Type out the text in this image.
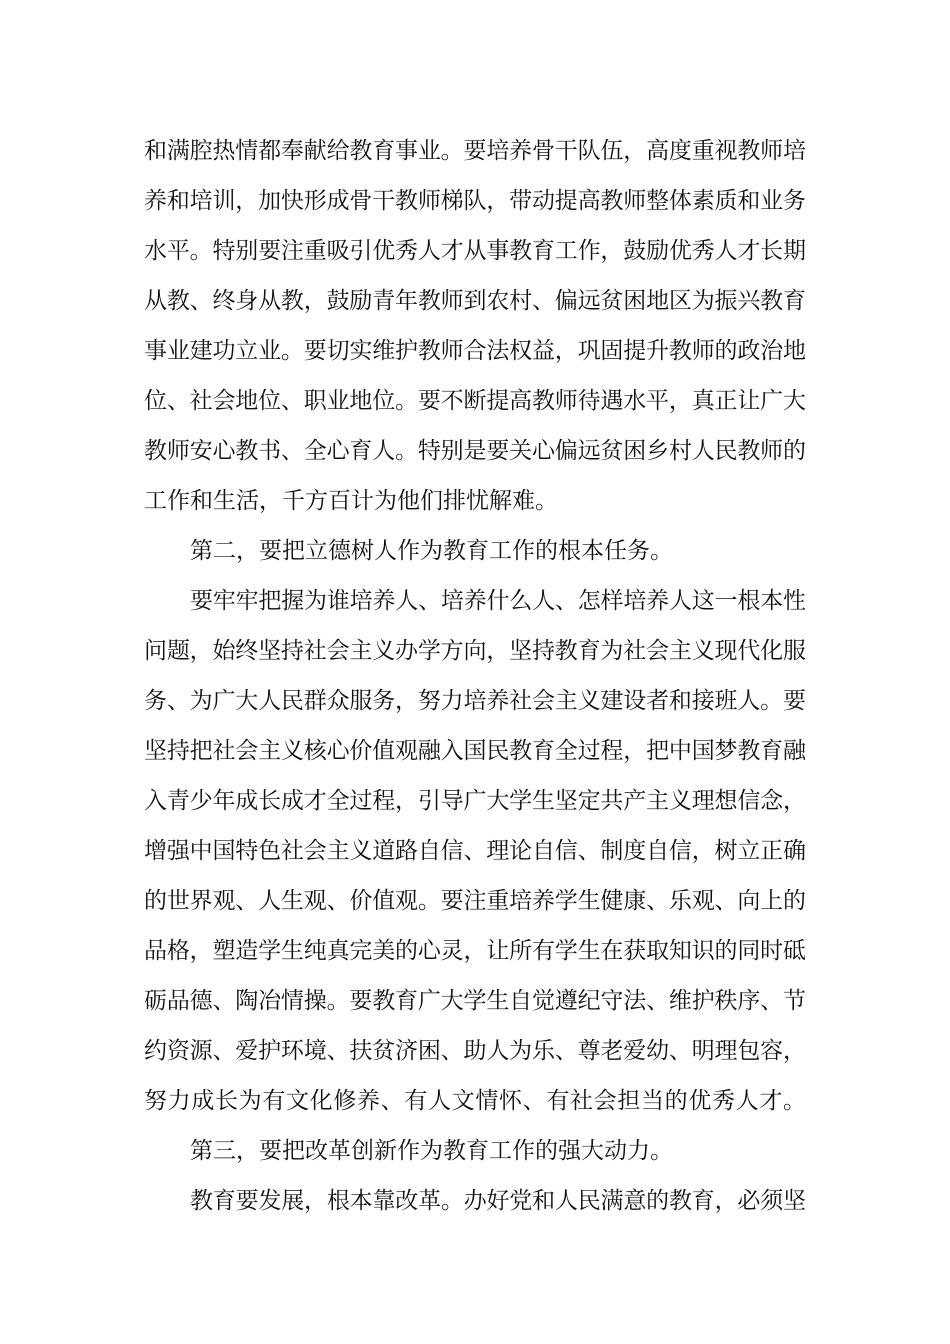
和满腔热情都奉献给教育事业。要培养骨干队伍，高度重视教师培
养和培训，加快形成骨干教师梯队，带动提高教师整体素质和业务
水平。特别要注重吸引优秀人才从事教育工作，鼓励优秀人才长期
从教、终身从教，鼓励青年教师到农村、偏远贫困地区为振兴教育
事业建功立业。要切实维护教师合法权益，巩固提升教师的政治地
位、社会地位、职业地位。要不断提高教师待遇水平，真正让广大
教师安心教书、全心育人。特别是要关心偏远贫困乡村人民教师的
工作和生活，千方百计为他们排忧解难。
第二，要把立德树人作为教育工作的根本任务。
要牢牢把握为谁培养人、培养什么人、怎样培养人这一根本性
问题，始终坚持社会主义办学方向，坚持教育为社会主义现代化服
务、为广大人民群众服务，努力培养社会主义建设者和接班人。要
坚持把社会主义核心价值观融入国民教育全过程，把中国梦教育融
入青少年成长成才全过程，引导广大学生坚定共产主义理想信念，
增强中国特色社会主义道路自信、理论自信、制度自信，树立正确
的世界观、人生观、价值观。要注重培养学生健康、乐观、向上的
品格，塑造学生纯真完美的心灵，让所有学生在获取知识的同时砥
砺品德、陶冶情操。要教育广大学生自觉遵纪守法、维护秩序、节
约资源、爱护环境、扶贫济困、助人为乐、尊老爱幼、明理包容，
努力成长为有文化修养、有人文情怀、有社会担当的优秀人才。
第三，要把改革创新作为教育工作的强大动力。
教育要发展，根本靠改革。办好党和人民满意的教育，必须坚
